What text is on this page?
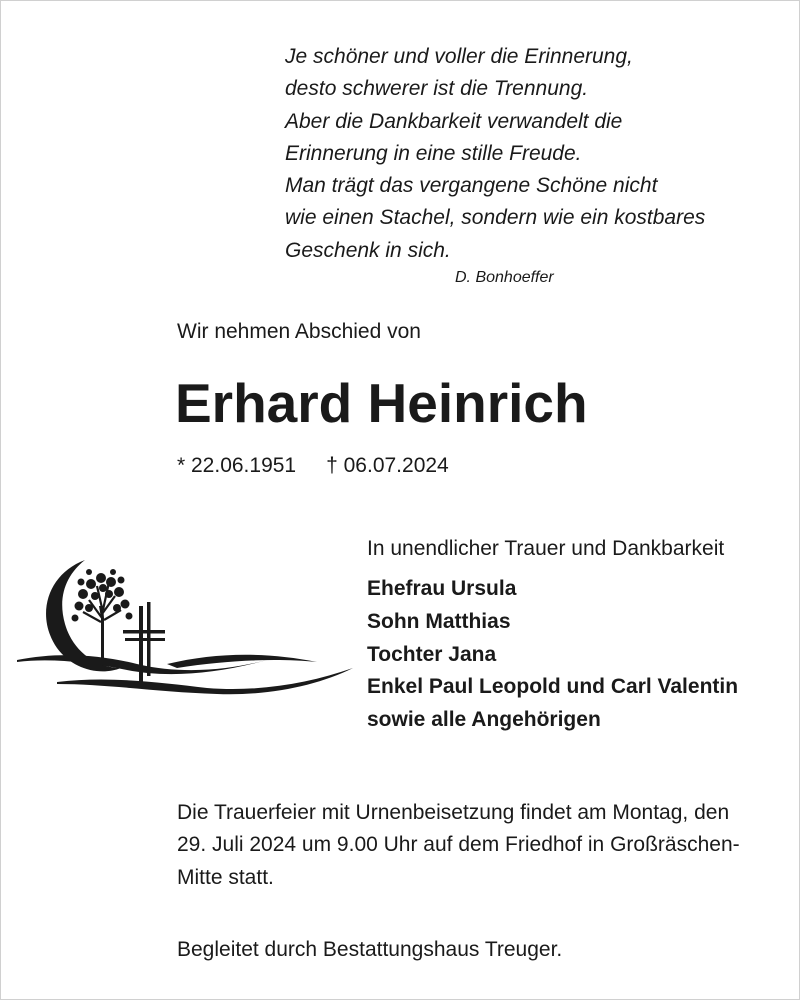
Je schöner und voller die Erinnerung,
desto schwerer ist die Trennung.
Aber die Dankbarkeit verwandelt die
Erinnerung in eine stille Freude.
Man trägt das vergangene Schöne nicht
wie einen Stachel, sondern wie ein kostbares
Geschenk in sich.
D. Bonhoeffer
Wir nehmen Abschied von
Erhard Heinrich
* 22.06.1951 † 06.07.2024
In unendlicher Trauer und Dankbarkeit
Ehefrau Ursula
Sohn Matthias
Tochter Jana
Enkel Paul Leopold und Carl Valentin
sowie alle Angehörigen
Die Trauerfeier mit Urnenbeisetzung findet am Montag, den
29. Juli 2024 um 9.00 Uhr auf dem Friedhof in Großräschen-
Mitte statt.
Begleitet durch Bestattungshaus Treuger.
